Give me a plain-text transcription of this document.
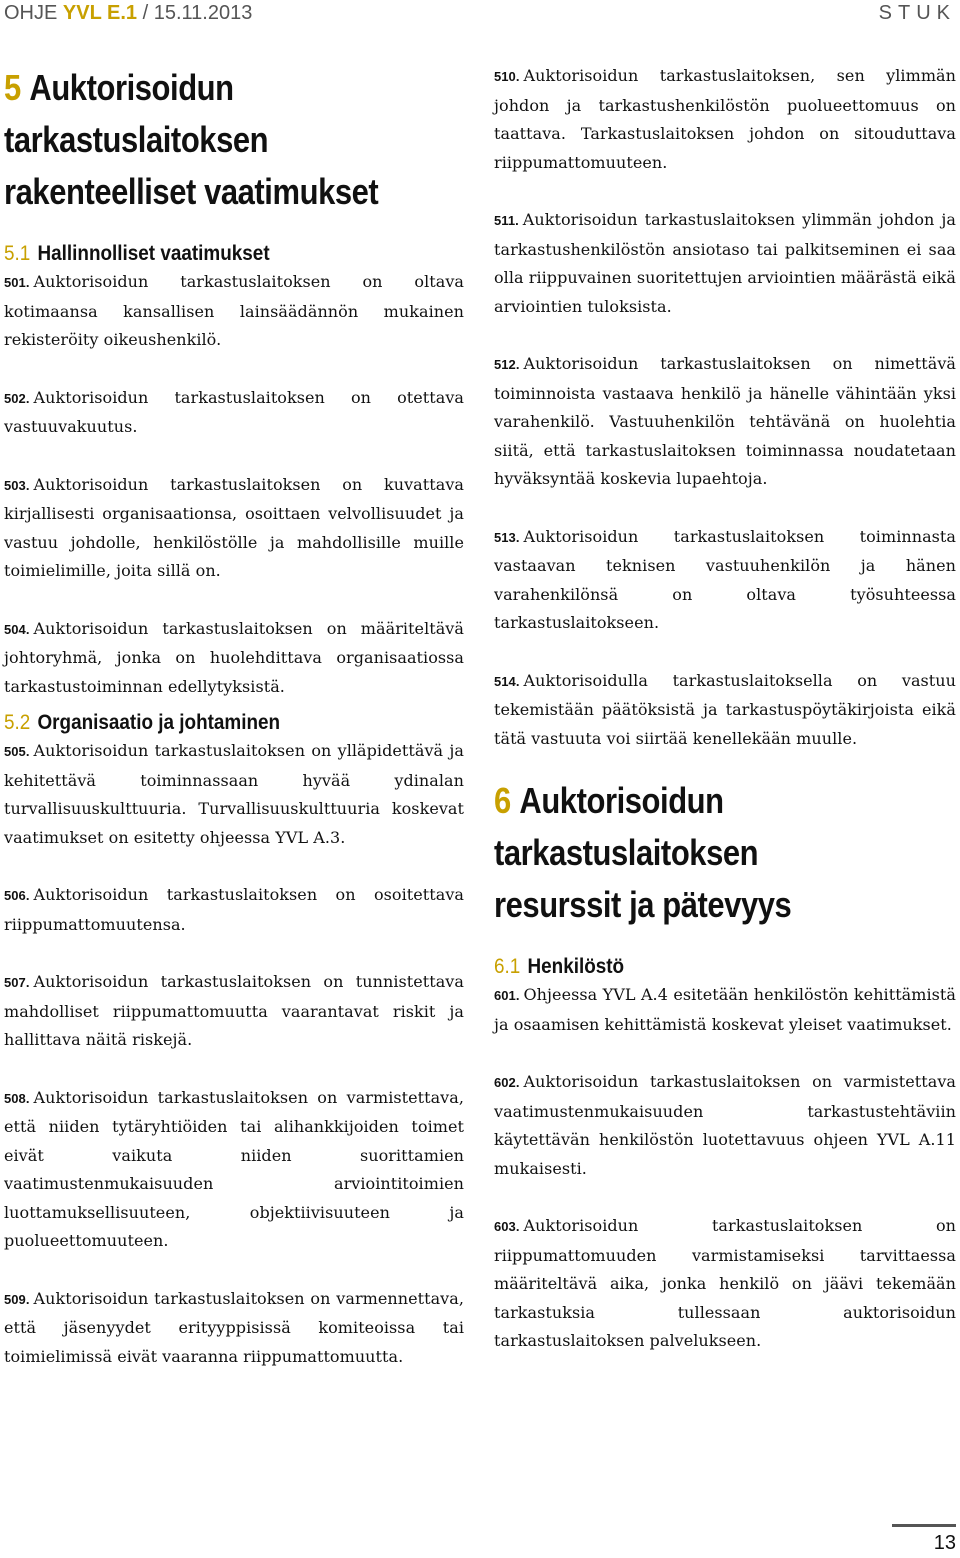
OHJE YVL E.1 / 15.11.2013	STUK
5 Auktorisoidun
tarkastuslaitoksen
rakenteelliset vaatimukset
5.1 Hallinnolliset vaatimukset

501. Auktorisoidun tarkastuslaitoksen on oltava kotimaansa kansallisen lainsäädännön mukainen rekisteröity oikeushenkilö.

502. Auktorisoidun tarkastuslaitoksen on otettava vastuuvakuutus.

503. Auktorisoidun tarkastuslaitoksen on kuvattava kirjallisesti organisaationsa, osoittaen velvollisuudet ja vastuu johdolle, henkilöstölle ja mahdollisille muille toimielimille, joita sillä on.

504. Auktorisoidun tarkastuslaitoksen on määriteltävä johtoryhmä, jonka on huolehdittava organisaatiossa tarkastustoiminnan edellytyksistä.

5.2 Organisaatio ja johtaminen

505. Auktorisoidun tarkastuslaitoksen on ylläpidettävä ja kehitettävä toiminnassaan hyvää ydinalan turvallisuuskulttuuria. Turvallisuuskulttuuria koskevat vaatimukset on esitetty ohjeessa YVL A.3.

506. Auktorisoidun tarkastuslaitoksen on osoitettava riippumattomuutensa.

507. Auktorisoidun tarkastuslaitoksen on tunnistettava mahdolliset riippumattomuutta vaarantavat riskit ja hallittava näitä riskejä.

508. Auktorisoidun tarkastuslaitoksen on varmistettava, että niiden tytäryhtiöiden tai alihankkijoiden toimet eivät vaikuta niiden suorittamien vaatimustenmukaisuuden arviointitoimien luottamuksellisuuteen, objektiivisuuteen ja puolueettomuuteen.

509. Auktorisoidun tarkastuslaitoksen on varmennettava, että jäsenyydet erityyppisissä komiteoissa tai toimielimissä eivät vaaranna riippumattomuutta.

510. Auktorisoidun tarkastuslaitoksen, sen ylimmän johdon ja tarkastushenkilöstön puolueettomuus on taattava. Tarkastuslaitoksen johdon on sitouduttava riippumattomuuteen.

511. Auktorisoidun tarkastuslaitoksen ylimmän johdon ja tarkastushenkilöstön ansiotaso tai palkitseminen ei saa olla riippuvainen suoritettujen arviointien määrästä eikä arviointien tuloksista.

512. Auktorisoidun tarkastuslaitoksen on nimettävä toiminnoista vastaava henkilö ja hänelle vähintään yksi varahenkilö. Vastuuhenkilön tehtävänä on huolehtia siitä, että tarkastuslaitoksen toiminnassa noudatetaan hyväksyntää koskevia lupaehtoja.

513. Auktorisoidun tarkastuslaitoksen toiminnasta vastaavan teknisen vastuuhenkilön ja hänen varahenkilönsä on oltava työsuhteessa tarkastuslaitokseen.

514. Auktorisoidulla tarkastuslaitoksella on vastuu tekemistään päätöksistä ja tarkastuspöytäkirjoista eikä tätä vastuuta voi siirtää kenellekään muulle.

6 Auktorisoidun
tarkastuslaitoksen
resurssit ja pätevyys
6.1 Henkilöstö

601. Ohjeessa YVL A.4 esitetään henkilöstön kehittämistä ja osaamisen kehittämistä koskevat yleiset vaatimukset.

602. Auktorisoidun tarkastuslaitoksen on varmistettava vaatimustenmukaisuuden tarkastustehtäviin käytettävän henkilöstön luotettavuus ohjeen YVL A.11 mukaisesti.

603. Auktorisoidun tarkastuslaitoksen on riippumattomuuden varmistamiseksi tarvittaessa määriteltävä aika, jonka henkilö on jäävi tekemään tarkastuksia tullessaan auktorisoidun tarkastuslaitoksen palvelukseen.

13
